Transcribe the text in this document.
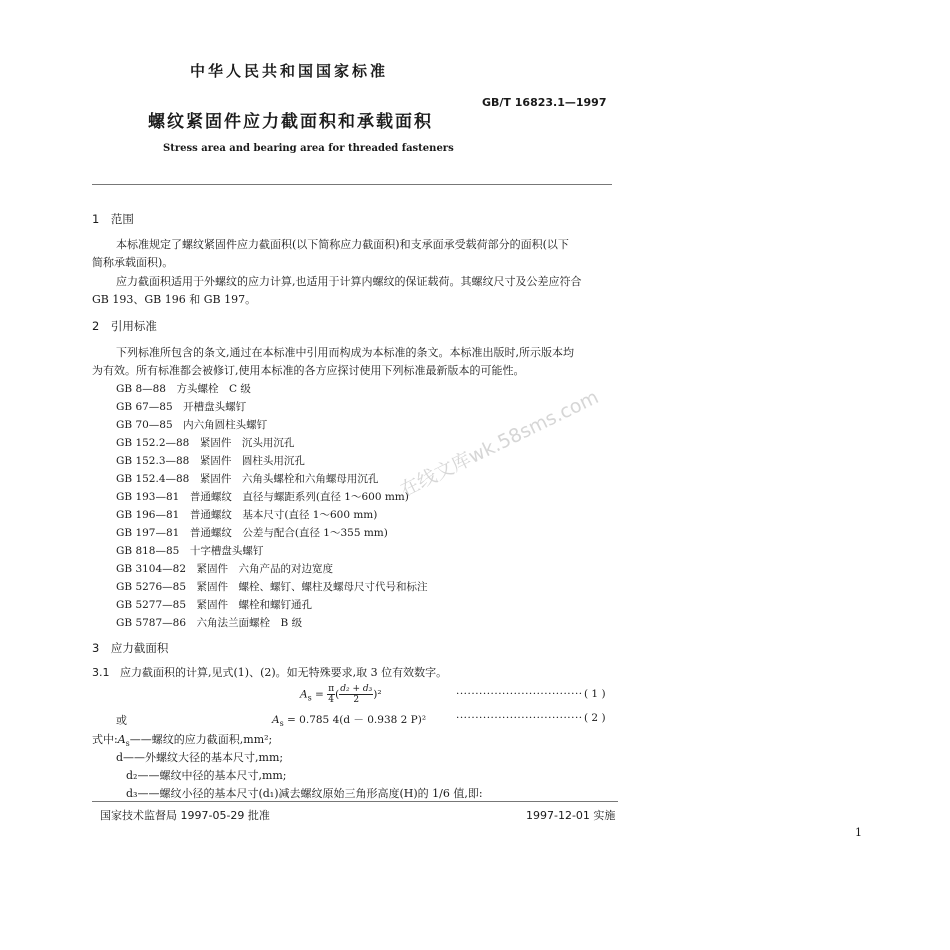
中华人民共和国国家标准
GB/T 16823.1—1997
螺纹紧固件应力截面积和承载面积
Stress area and bearing area for threaded fasteners
在线文库wk.58sms.com
1　范围
本标准规定了螺纹紧固件应力截面积(以下简称应力截面积)和支承面承受载荷部分的面积(以下
简称承载面积)。
应力截面积适用于外螺纹的应力计算,也适用于计算内螺纹的保证载荷。其螺纹尺寸及公差应符合
GB 193、GB 196 和 GB 197。
2　引用标准
下列标准所包含的条文,通过在本标准中引用而构成为本标准的条文。本标准出版时,所示版本均
为有效。所有标准都会被修订,使用本标准的各方应探讨使用下列标准最新版本的可能性。
GB 8—88　方头螺栓　C 级
GB 67—85　开槽盘头螺钉
GB 70—85　内六角圆柱头螺钉
GB 152.2—88　紧固件　沉头用沉孔
GB 152.3—88　紧固件　圆柱头用沉孔
GB 152.4—88　紧固件　六角头螺栓和六角螺母用沉孔
GB 193—81　普通螺纹　直径与螺距系列(直径 1～600 mm)
GB 196—81　普通螺纹　基本尺寸(直径 1～600 mm)
GB 197—81　普通螺纹　公差与配合(直径 1～355 mm)
GB 818—85　十字槽盘头螺钉
GB 3104—82　紧固件　六角产品的对边宽度
GB 5276—85　紧固件　螺栓、螺钉、螺柱及螺母尺寸代号和标注
GB 5277—85　紧固件　螺栓和螺钉通孔
GB 5787—86　六角法兰面螺栓　B 级
3　应力截面积
3.1 应力截面积的计算,见式(1)、(2)。如无特殊要求,取 3 位有效数字。
$A_s = \frac{\pi}{4}$ ( $\frac{\text{d₂ + d₃}}{2} )^2$	································· ( 1 )
或	$A_s = 0.785$ 4(d － 0.938 2 P)²	································· ( 2 )
式中$:A_s——$螺纹的应力截面积,mm²;
d——外螺纹大径的基本尺寸,mm;
d₂——螺纹中径的基本尺寸,mm;
d₃——螺纹小径的基本尺寸(d₁)减去螺纹原始三角形高度(H)的 1/6 值,即:
国家技术监督局 1997-05-29 批准	1997-12-01 实施
1
